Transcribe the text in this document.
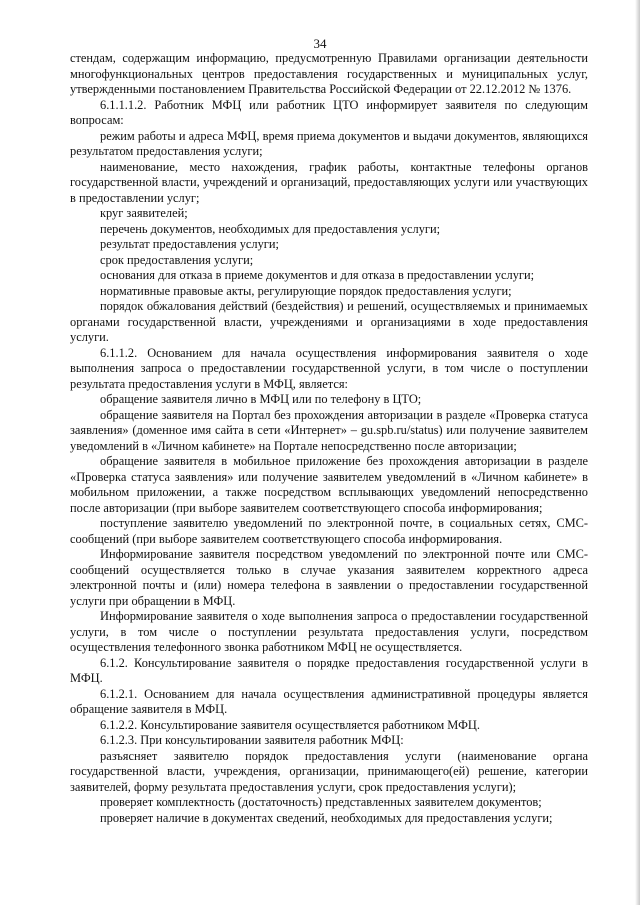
34

стендам, содержащим информацию, предусмотренную Правилами организации деятельности многофункциональных центров предоставления государственных и муниципальных услуг, утвержденными постановлением Правительства Российской Федерации от 22.12.2012 № 1376.

6.1.1.1.2. Работник МФЦ или работник ЦТО информирует заявителя по следующим вопросам:

режим работы и адреса МФЦ, время приема документов и выдачи документов, являющихся результатом предоставления услуги;

наименование, место нахождения, график работы, контактные телефоны органов государственной власти, учреждений и организаций, предоставляющих услуги или участвующих в предоставлении услуг;

круг заявителей;

перечень документов, необходимых для предоставления услуги;

результат предоставления услуги;

срок предоставления услуги;

основания для отказа в приеме документов и для отказа в предоставлении услуги;

нормативные правовые акты, регулирующие порядок предоставления услуги;

порядок обжалования действий (бездействия) и решений, осуществляемых и принимаемых органами государственной власти, учреждениями и организациями в ходе предоставления услуги.

6.1.1.2. Основанием для начала осуществления информирования заявителя о ходе выполнения запроса о предоставлении государственной услуги, в том числе о поступлении результата предоставления услуги в МФЦ, является:

обращение заявителя лично в МФЦ или по телефону в ЦТО;

обращение заявителя на Портал без прохождения авторизации в разделе «Проверка статуса заявления» (доменное имя сайта в сети «Интернет» – gu.spb.ru/status) или получение заявителем уведомлений в «Личном кабинете» на Портале непосредственно после авторизации;

обращение заявителя в мобильное приложение без прохождения авторизации в разделе «Проверка статуса заявления» или получение заявителем уведомлений в «Личном кабинете» в мобильном приложении, а также посредством всплывающих уведомлений непосредственно после авторизации (при выборе заявителем соответствующего способа информирования;

поступление заявителю уведомлений по электронной почте, в социальных сетях, СМС-сообщений (при выборе заявителем соответствующего способа информирования.

Информирование заявителя посредством уведомлений по электронной почте или СМС-сообщений осуществляется только в случае указания заявителем корректного адреса электронной почты и (или) номера телефона в заявлении о предоставлении государственной услуги при обращении в МФЦ.

Информирование заявителя о ходе выполнения запроса о предоставлении государственной услуги, в том числе о поступлении результата предоставления услуги, посредством осуществления телефонного звонка работником МФЦ не осуществляется.

6.1.2. Консультирование заявителя о порядке предоставления государственной услуги в МФЦ.

6.1.2.1. Основанием для начала осуществления административной процедуры является обращение заявителя в МФЦ.

6.1.2.2. Консультирование заявителя осуществляется работником МФЦ.

6.1.2.3. При консультировании заявителя работник МФЦ:

разъясняет заявителю порядок предоставления услуги (наименование органа государственной власти, учреждения, организации, принимающего(ей) решение, категории заявителей, форму результата предоставления услуги, срок предоставления услуги);

проверяет комплектность (достаточность) представленных заявителем документов;

проверяет наличие в документах сведений, необходимых для предоставления услуги;
